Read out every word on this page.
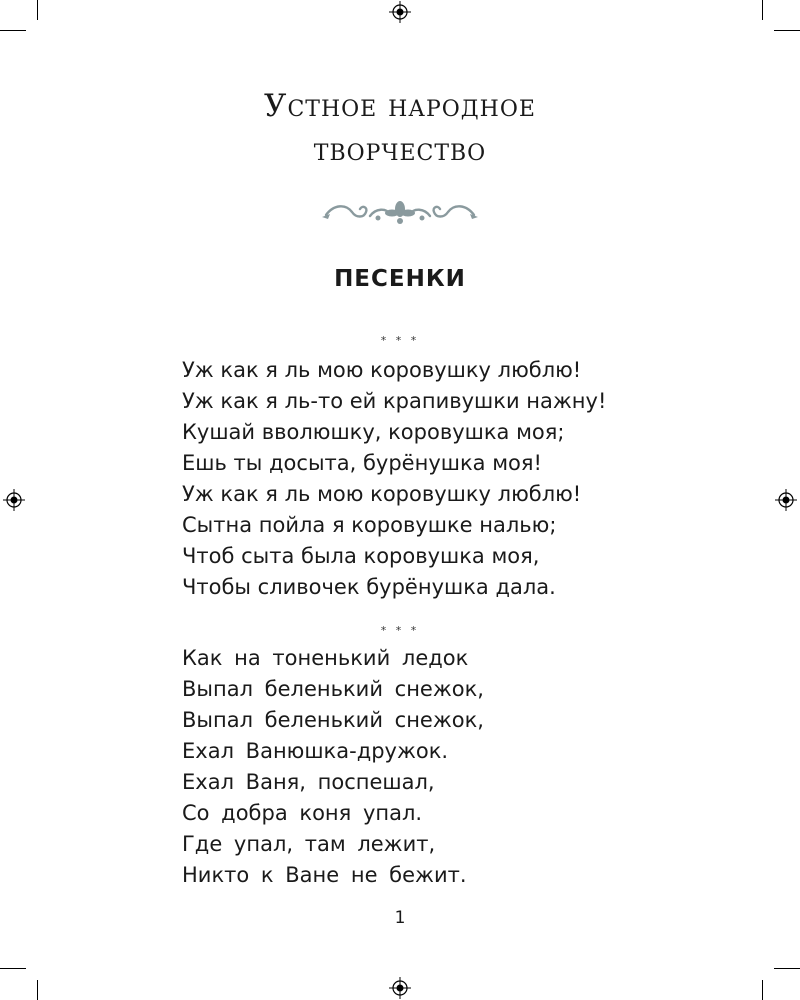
Устное народное
творчество
ПЕСЕНКИ
* * *
Уж как я ль мою коровушку люблю!
Уж как я ль-то ей крапивушки нажну!
Кушай вволюшку, коровушка моя;
Ешь ты досыта, бурёнушка моя!
Уж как я ль мою коровушку люблю!
Сытна пойла я коровушке налью;
Чтоб сыта была коровушка моя,
Чтобы сливочек бурёнушка дала.
* * *
Как на тоненький ледок
Выпал беленький снежок,
Выпал беленький снежок,
Ехал Ванюшка-дружок.
Ехал Ваня, поспешал,
Со добра коня упал.
Где упал, там лежит,
Никто к Ване не бежит.
1
